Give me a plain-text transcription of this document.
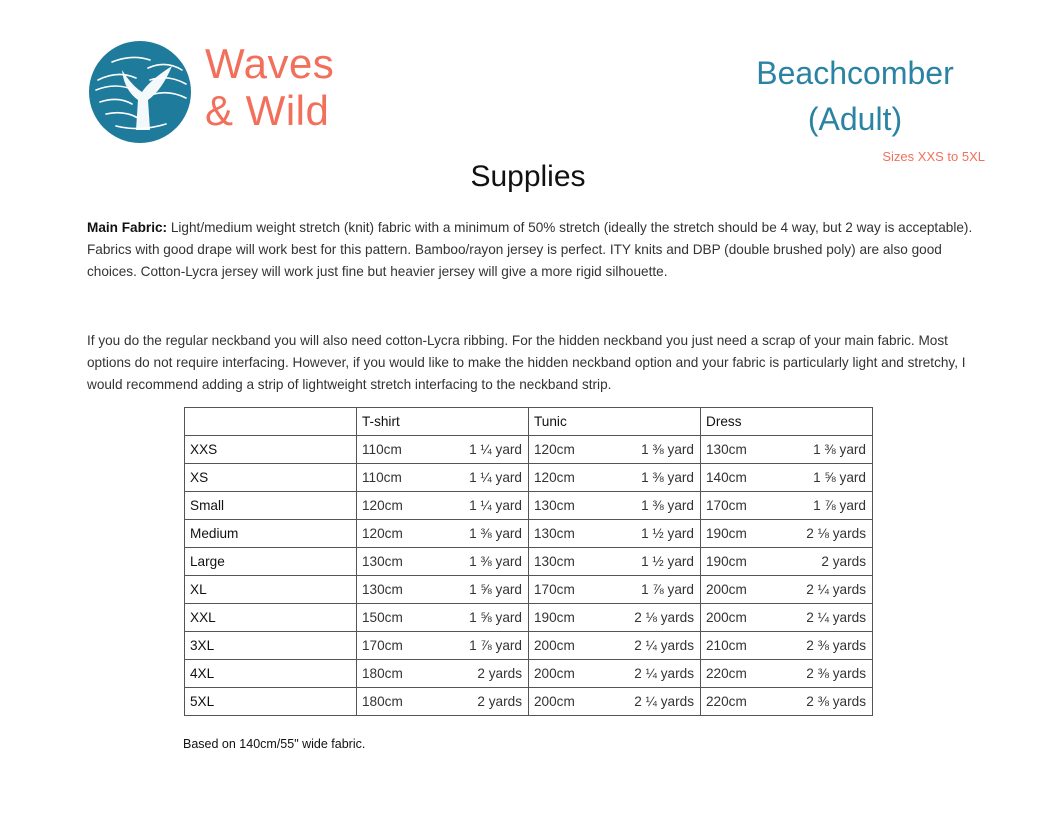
Waves
& Wild
Beachcomber
(Adult)
Sizes XXS to 5XL
Supplies
Main Fabric: Light/medium weight stretch (knit) fabric with a minimum of 50% stretch (ideally the stretch should be 4 way, but 2 way is acceptable). Fabrics with good drape will work best for this pattern. Bamboo/rayon jersey is perfect. ITY knits and DBP (double brushed poly) are also good choices. Cotton-Lycra jersey will work just fine but heavier jersey will give a more rigid silhouette.
If you do the regular neckband you will also need cotton-Lycra ribbing. For the hidden neckband you just need a scrap of your main fabric. Most options do not require interfacing. However, if you would like to make the hidden neckband option and your fabric is particularly light and stretchy, I would recommend adding a strip of lightweight stretch interfacing to the neckband strip.
	T-shirt	Tunic	Dress
XXS	110cm 1 ¼ yard	120cm 1 ⅜ yard	130cm 1 ⅜ yard

XS	110cm 1 ¼ yard	120cm 1 ⅜ yard	140cm 1 ⅝ yard

Small	120cm 1 ¼ yard	130cm 1 ⅜ yard	170cm 1 ⅞ yard

Medium	120cm 1 ⅜ yard	130cm 1 ½ yard	190cm 2 ⅛ yards

Large	130cm 1 ⅜ yard	130cm 1 ½ yard	190cm 2 yards

XL	130cm 1 ⅝ yard	170cm 1 ⅞ yard	200cm 2 ¼ yards

XXL	150cm 1 ⅝ yard	190cm 2 ⅛ yards	200cm 2 ¼ yards

3XL	170cm 1 ⅞ yard	200cm 2 ¼ yards	210cm 2 ⅜ yards

4XL	180cm 2 yards	200cm 2 ¼ yards	220cm 2 ⅜ yards

5XL	180cm 2 yards	200cm 2 ¼ yards	220cm 2 ⅜ yards
Based on 140cm/55" wide fabric.
